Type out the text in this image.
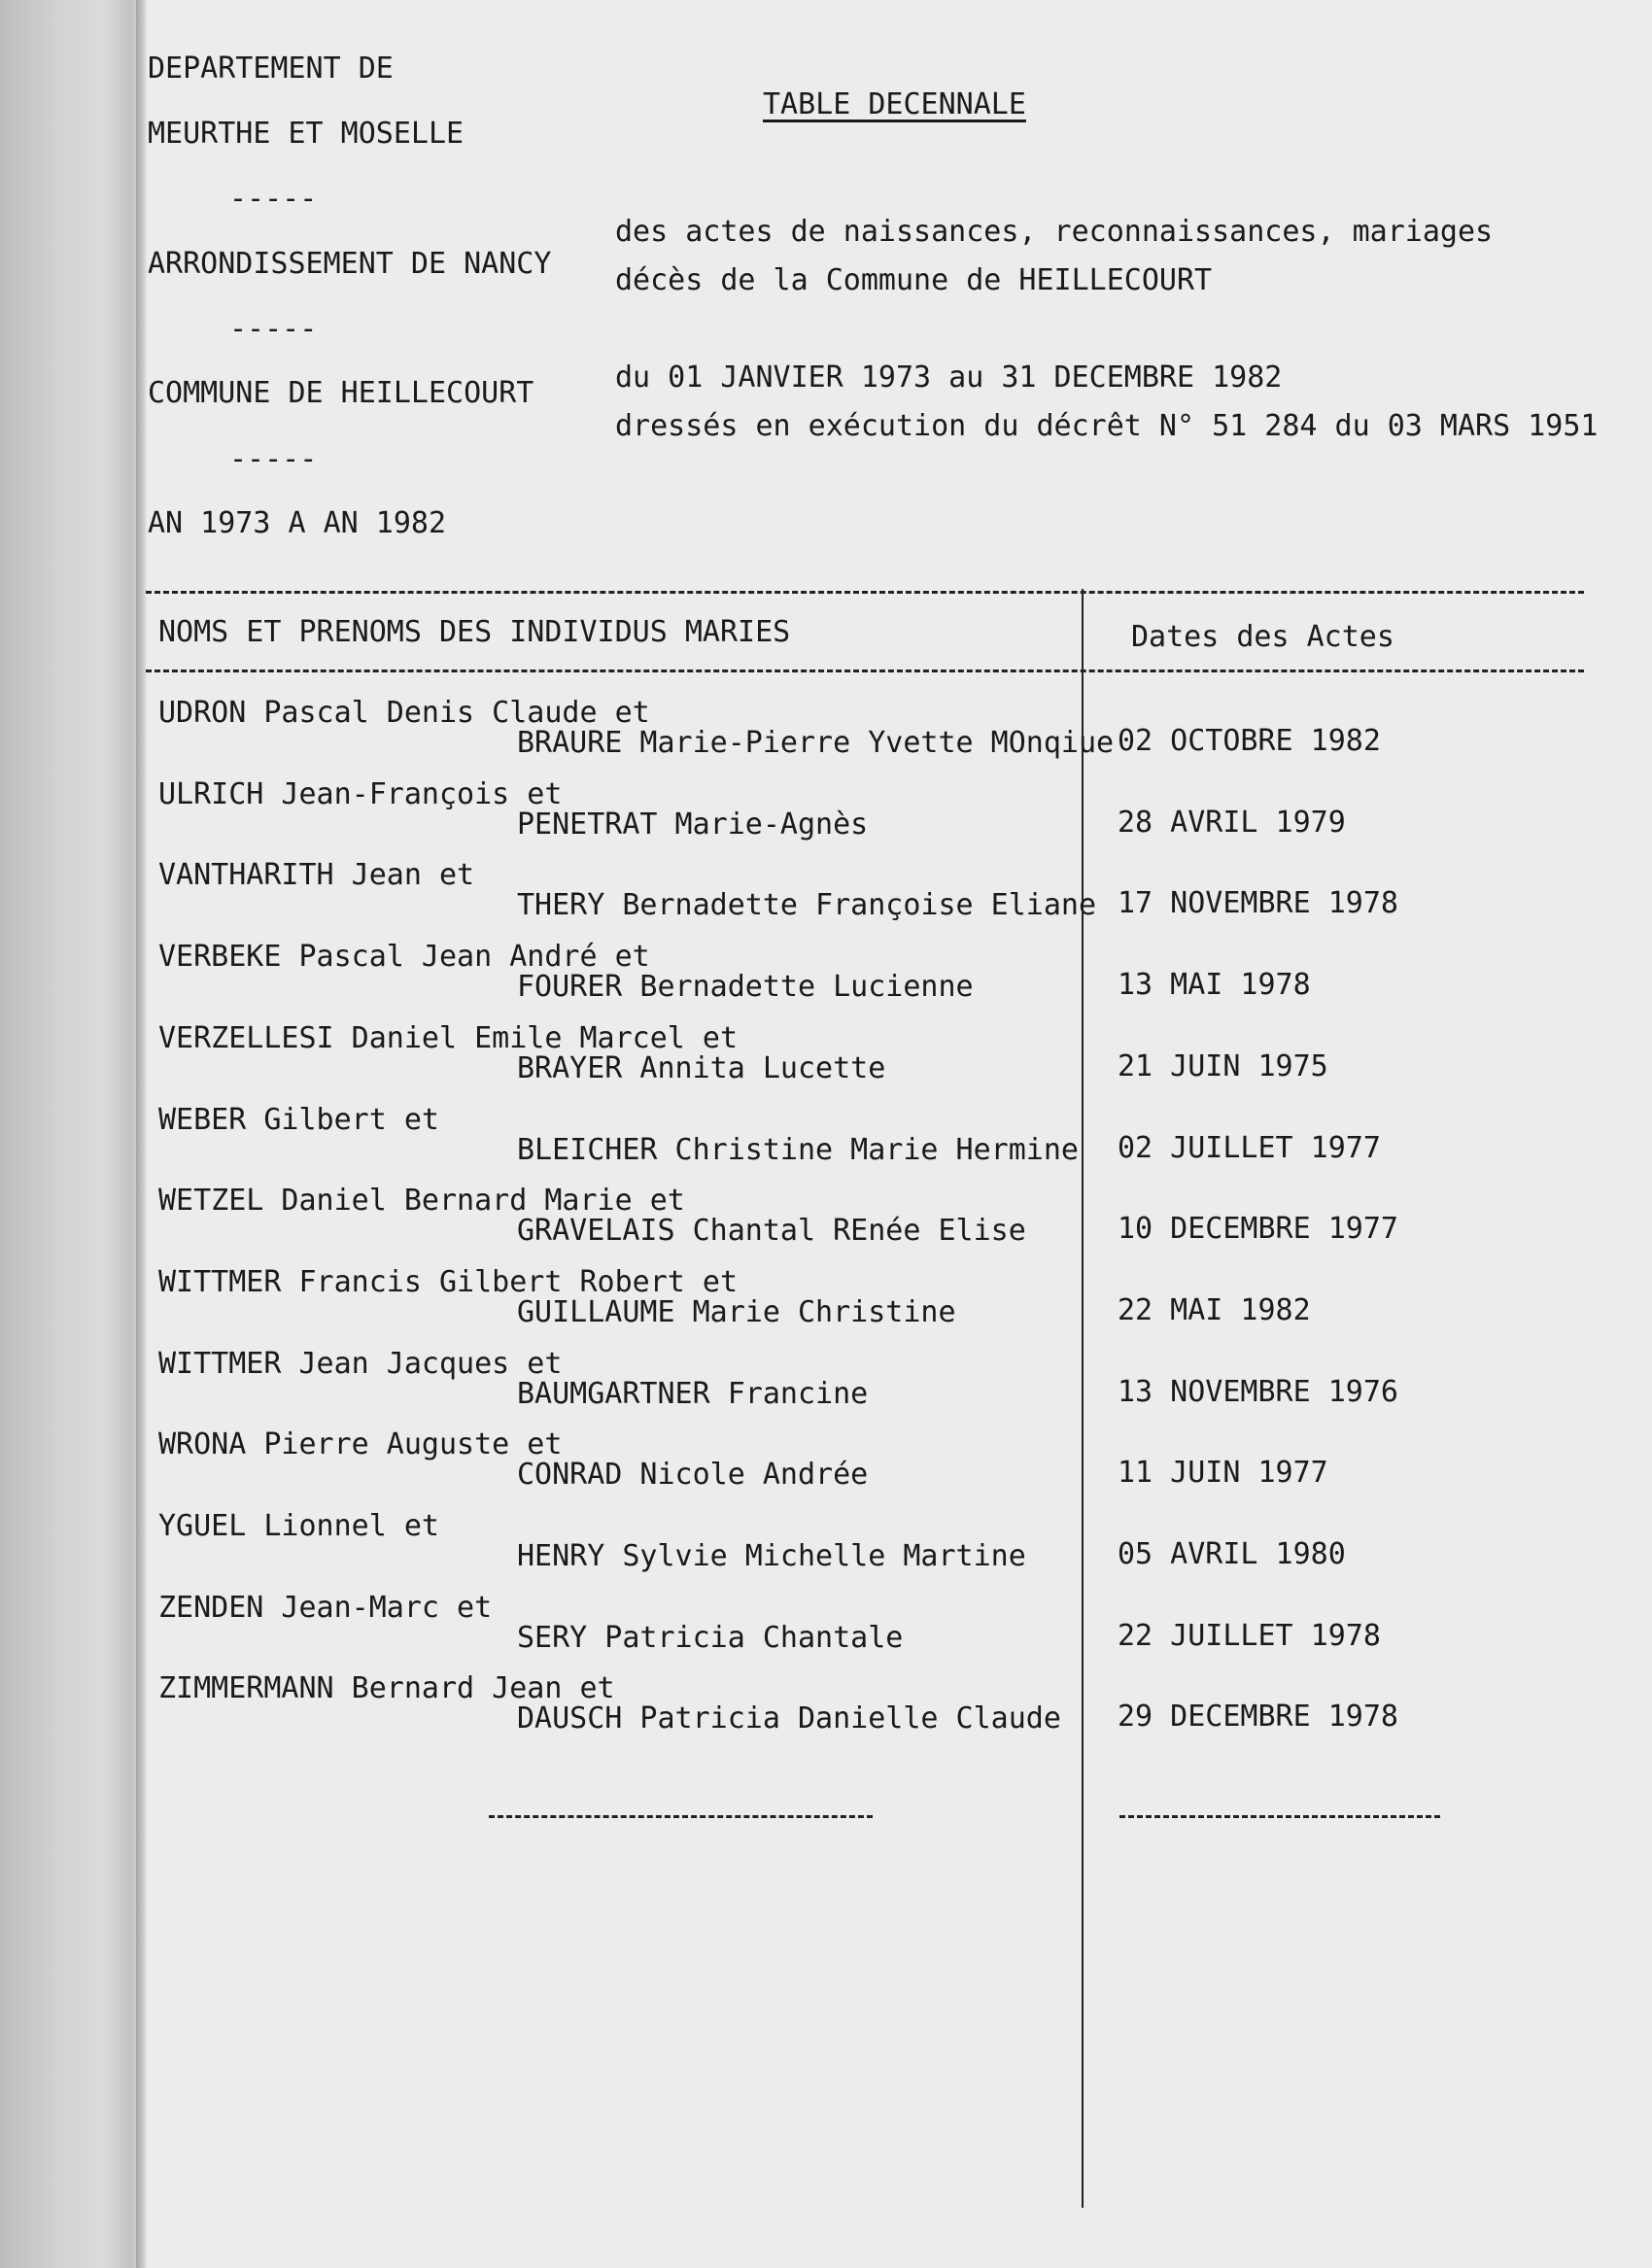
DEPARTEMENT DE
MEURTHE ET MOSELLE
-----
ARRONDISSEMENT DE NANCY
-----
COMMUNE DE HEILLECOURT
-----
AN 1973 A AN 1982
TABLE DECENNALE
des actes de naissances, reconnaissances, mariages
décès de la Commune de HEILLECOURT
du 01 JANVIER 1973 au 31 DECEMBRE 1982
dressés en exécution du décrêt N° 51 284 du 03 MARS 1951
NOMS ET PRENOMS DES INDIVIDUS MARIES	Dates des Actes
UDRON Pascal Denis Claude et
BRAURE Marie-Pierre Yvette MOnqiue 02 OCTOBRE 1982
ULRICH Jean-François et
PENETRAT Marie-Agnès	28 AVRIL 1979
VANTHARITH Jean et
THERY Bernadette Françoise Eliane 17 NOVEMBRE 1978
VERBEKE Pascal Jean André et
FOURER Bernadette Lucienne	13 MAI 1978
VERZELLESI Daniel Emile Marcel et
BRAYER Annita Lucette	21 JUIN 1975
WEBER Gilbert et
BLEICHER Christine Marie Hermine 02 JUILLET 1977
WETZEL Daniel Bernard Marie et
GRAVELAIS Chantal REnée Elise	10 DECEMBRE 1977
WITTMER Francis Gilbert Robert et
GUILLAUME Marie Christine	22 MAI 1982
WITTMER Jean Jacques et
BAUMGARTNER Francine	13 NOVEMBRE 1976
WRONA Pierre Auguste et
CONRAD Nicole Andrée	11 JUIN 1977
YGUEL Lionnel et
HENRY Sylvie Michelle Martine	05 AVRIL 1980
ZENDEN Jean-Marc et
SERY Patricia Chantale	22 JUILLET 1978
ZIMMERMANN Bernard Jean et
DAUSCH Patricia Danielle Claude 29 DECEMBRE 1978
